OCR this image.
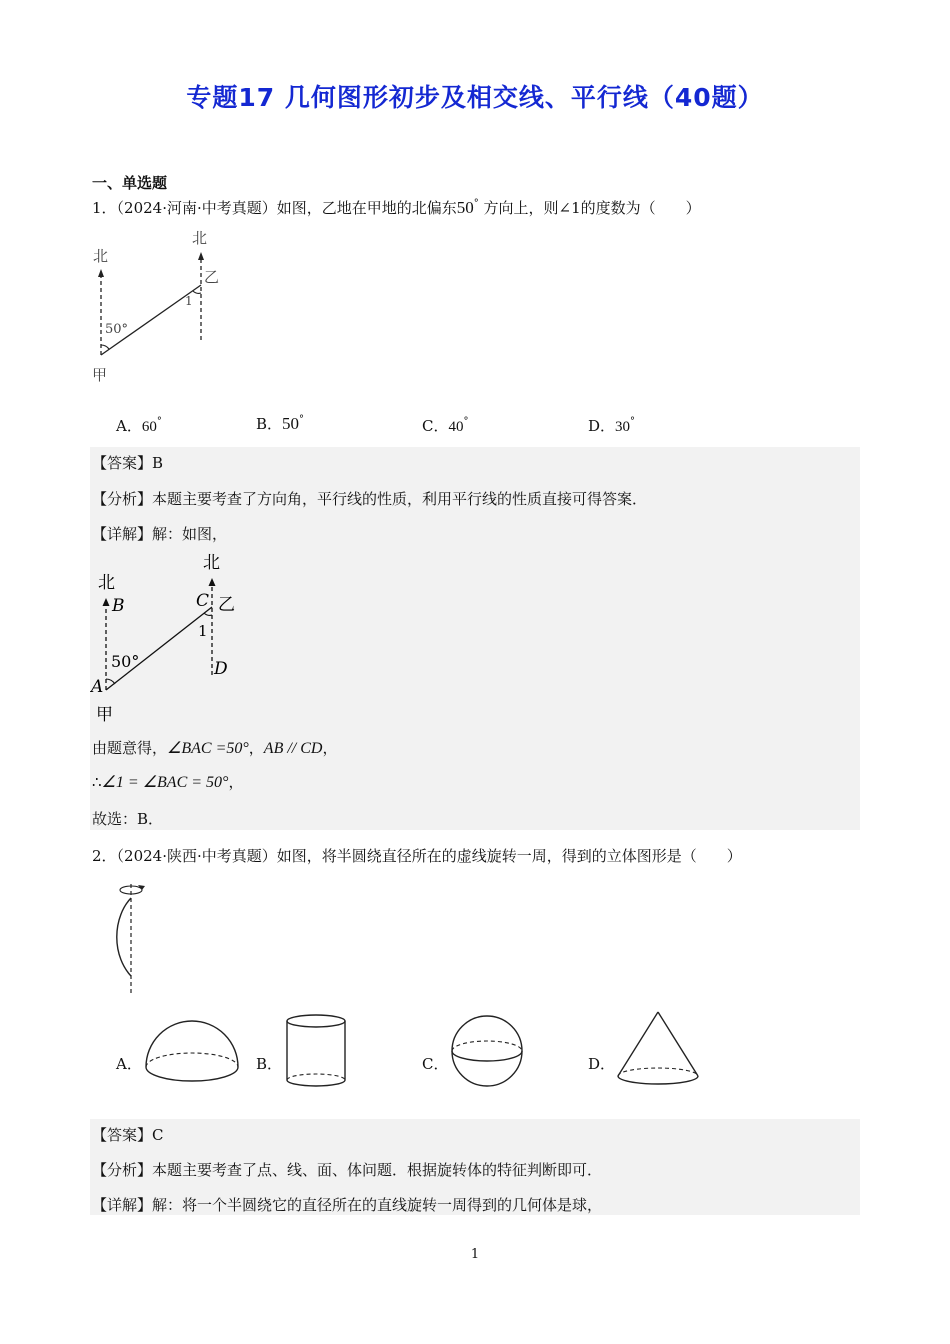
专题17 几何图形初步及相交线、平行线（40题）
一、单选题
1．（2024·河南·中考真题）如图，乙地在甲地的北偏东50° 方向上，则∠1的度数为（　　）
北
北
乙
1
50°
甲
A．60°	B．50°	C．40°	D．30°
【答案】B
【分析】本题主要考查了方向角，平行线的性质，利用平行线的性质直接可得答案．
【详解】解：如图，
北
北
B	C 乙
1
D
50°
A
甲
由题意得，∠BAC =50°，AB // CD，
∴∠1 = ∠BAC = 50°，
故选：B．
2．（2024·陕西·中考真题）如图，将半圆绕直径所在的虚线旋转一周，得到的立体图形是（　　）
A．	B．	C．	D．
【答案】C
【分析】本题主要考查了点、线、面、体问题．根据旋转体的特征判断即可．
【详解】解：将一个半圆绕它的直径所在的直线旋转一周得到的几何体是球，
1
